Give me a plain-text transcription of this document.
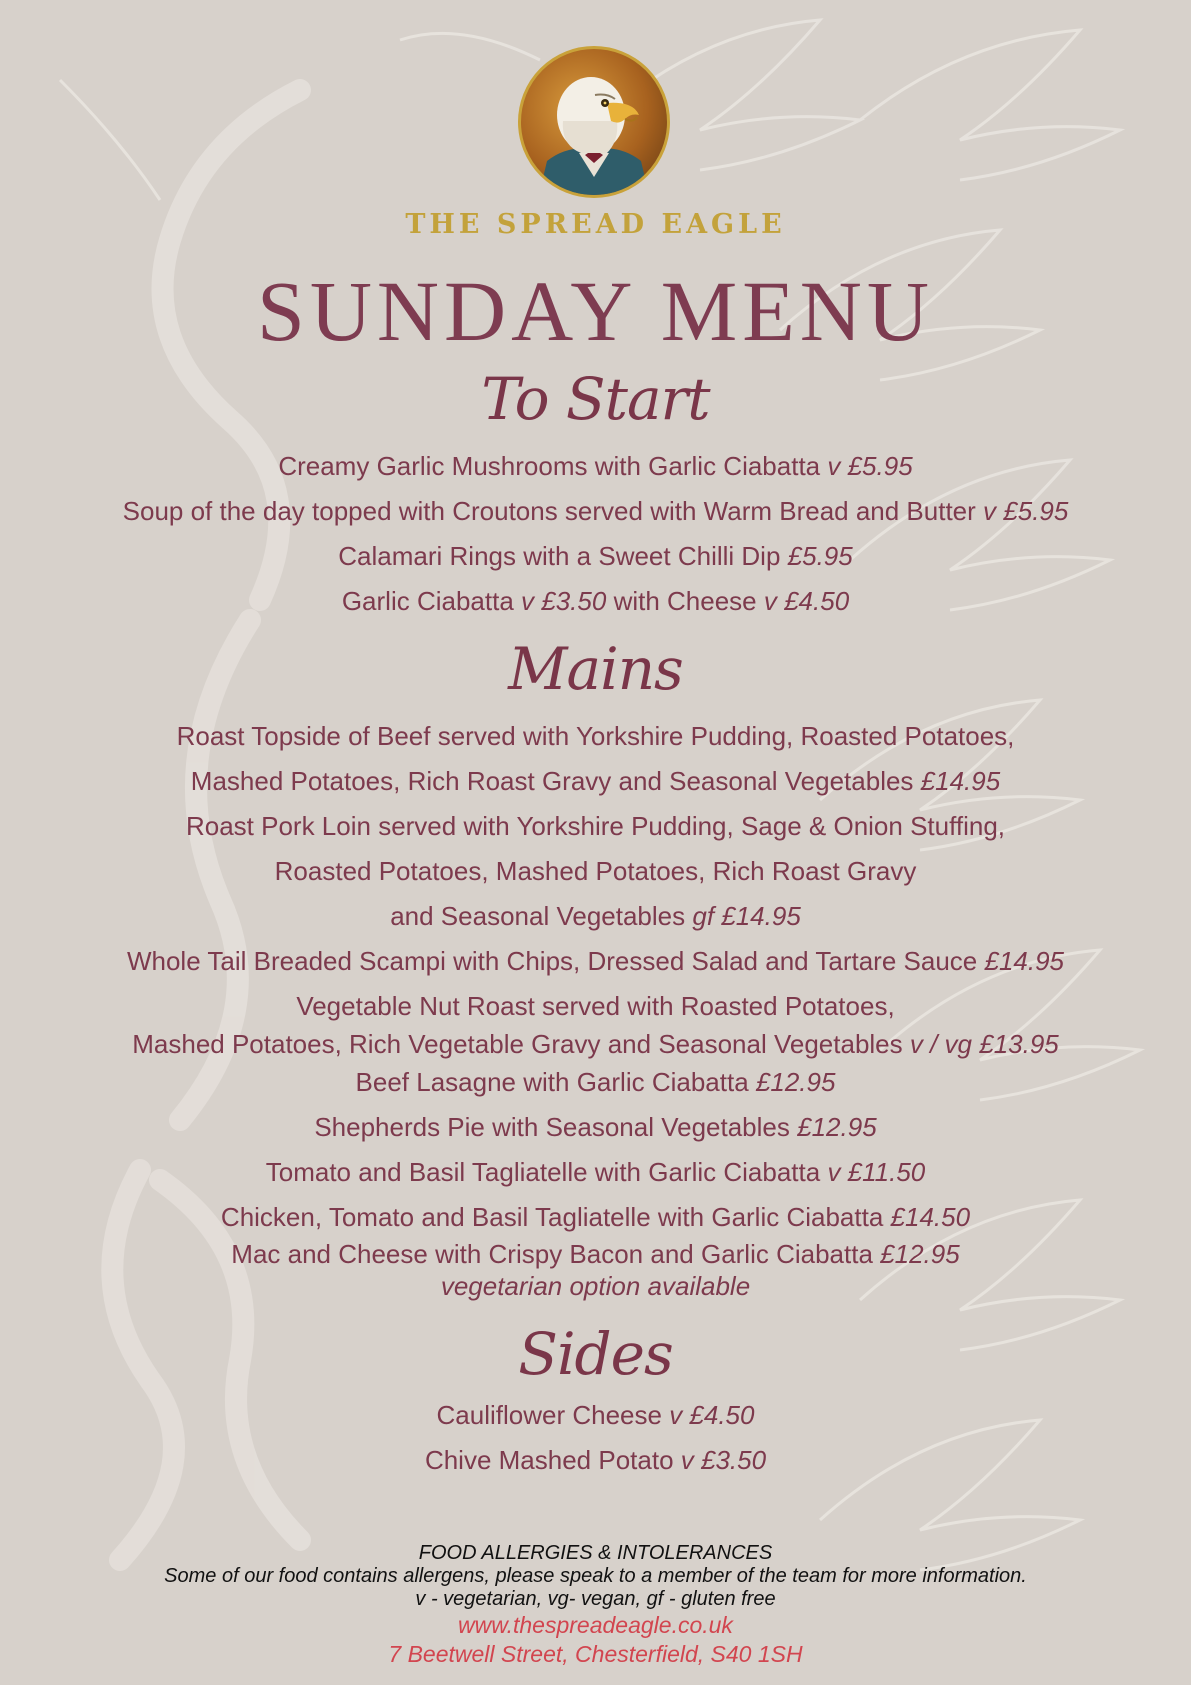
THE SPREAD EAGLE
SUNDAY MENU
To Start
Creamy Garlic Mushrooms with Garlic Ciabatta v £5.95
Soup of the day topped with Croutons served with Warm Bread and Butter v £5.95
Calamari Rings with a Sweet Chilli Dip £5.95
Garlic Ciabatta v £3.50 with Cheese v £4.50
Mains
Roast Topside of Beef served with Yorkshire Pudding, Roasted Potatoes,
Mashed Potatoes, Rich Roast Gravy and Seasonal Vegetables £14.95
Roast Pork Loin served with Yorkshire Pudding, Sage & Onion Stuffing,
Roasted Potatoes, Mashed Potatoes, Rich Roast Gravy
and Seasonal Vegetables gf £14.95
Whole Tail Breaded Scampi with Chips, Dressed Salad and Tartare Sauce £14.95
Vegetable Nut Roast served with Roasted Potatoes,
Mashed Potatoes, Rich Vegetable Gravy and Seasonal Vegetables v / vg £13.95
Beef Lasagne with Garlic Ciabatta £12.95
Shepherds Pie with Seasonal Vegetables £12.95
Tomato and Basil Tagliatelle with Garlic Ciabatta v £11.50
Chicken, Tomato and Basil Tagliatelle with Garlic Ciabatta £14.50
Mac and Cheese with Crispy Bacon and Garlic Ciabatta £12.95
vegetarian option available
Sides
Cauliflower Cheese v £4.50
Chive Mashed Potato v £3.50
FOOD ALLERGIES & INTOLERANCES
Some of our food contains allergens, please speak to a member of the team for more information.
v - vegetarian, vg- vegan, gf - gluten free
www.thespreadeagle.co.uk
7 Beetwell Street, Chesterfield, S40 1SH
